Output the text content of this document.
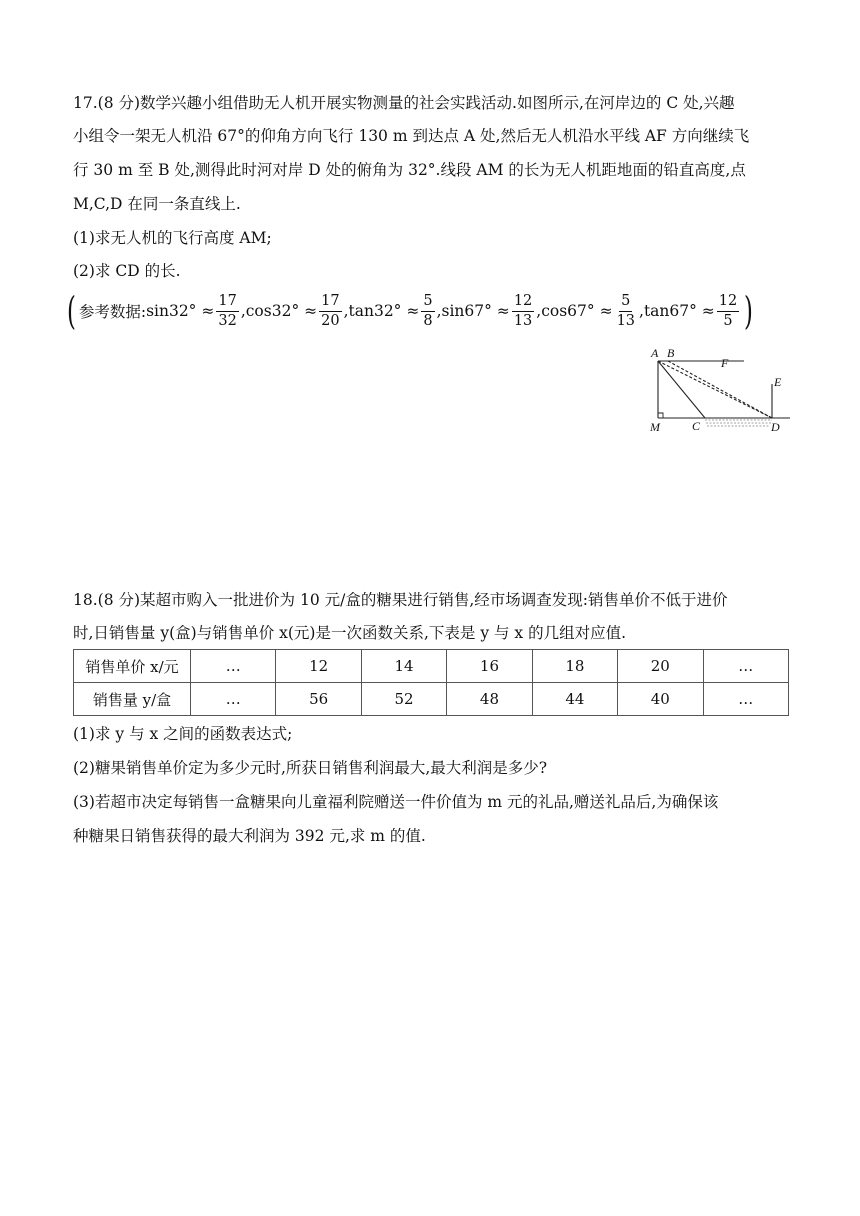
17.(8 分)数学兴趣小组借助无人机开展实物测量的社会实践活动.如图所示,在河岸边的 C 处,兴趣
小组令一架无人机沿 67°的仰角方向飞行 130 m 到达点 A 处,然后无人机沿水平线 AF 方向继续飞
行 30 m 至 B 处,测得此时河对岸 D 处的俯角为 32°.线段 AM 的长为无人机距地面的铅直高度,点
M,C,D 在同一条直线上.
(1)求无人机的飞行高度 AM;
(2)求 CD 的长.
( 参考数据: $\sin 32^\circ \approx \frac{17}{32}$ , $\cos 32^\circ \approx \frac{17}{20}$ , $\tan 32^\circ \approx \frac{5}{8}$ , $\sin 67^\circ \approx \frac{12}{13}$ , $\cos 67^\circ \approx \frac{5}{13}$ , $\tan 67^\circ \approx \frac{12}{5}$ )
A B
F
E
M	C	D
18.(8 分)某超市购入一批进价为 10 元/盒的糖果进行销售,经市场调查发现:销售单价不低于进价
时,日销售量 y(盒)与销售单价 x(元)是一次函数关系,下表是 y 与 x 的几组对应值.
销售单价 x/元	…	12	14	16	18	20	…
销售量 y/盒	…	56	52	48	44	40	…
(1)求 y 与 x 之间的函数表达式;
(2)糖果销售单价定为多少元时,所获日销售利润最大,最大利润是多少?
(3)若超市决定每销售一盒糖果向儿童福利院赠送一件价值为 m 元的礼品,赠送礼品后,为确保该
种糖果日销售获得的最大利润为 392 元,求 m 的值.
